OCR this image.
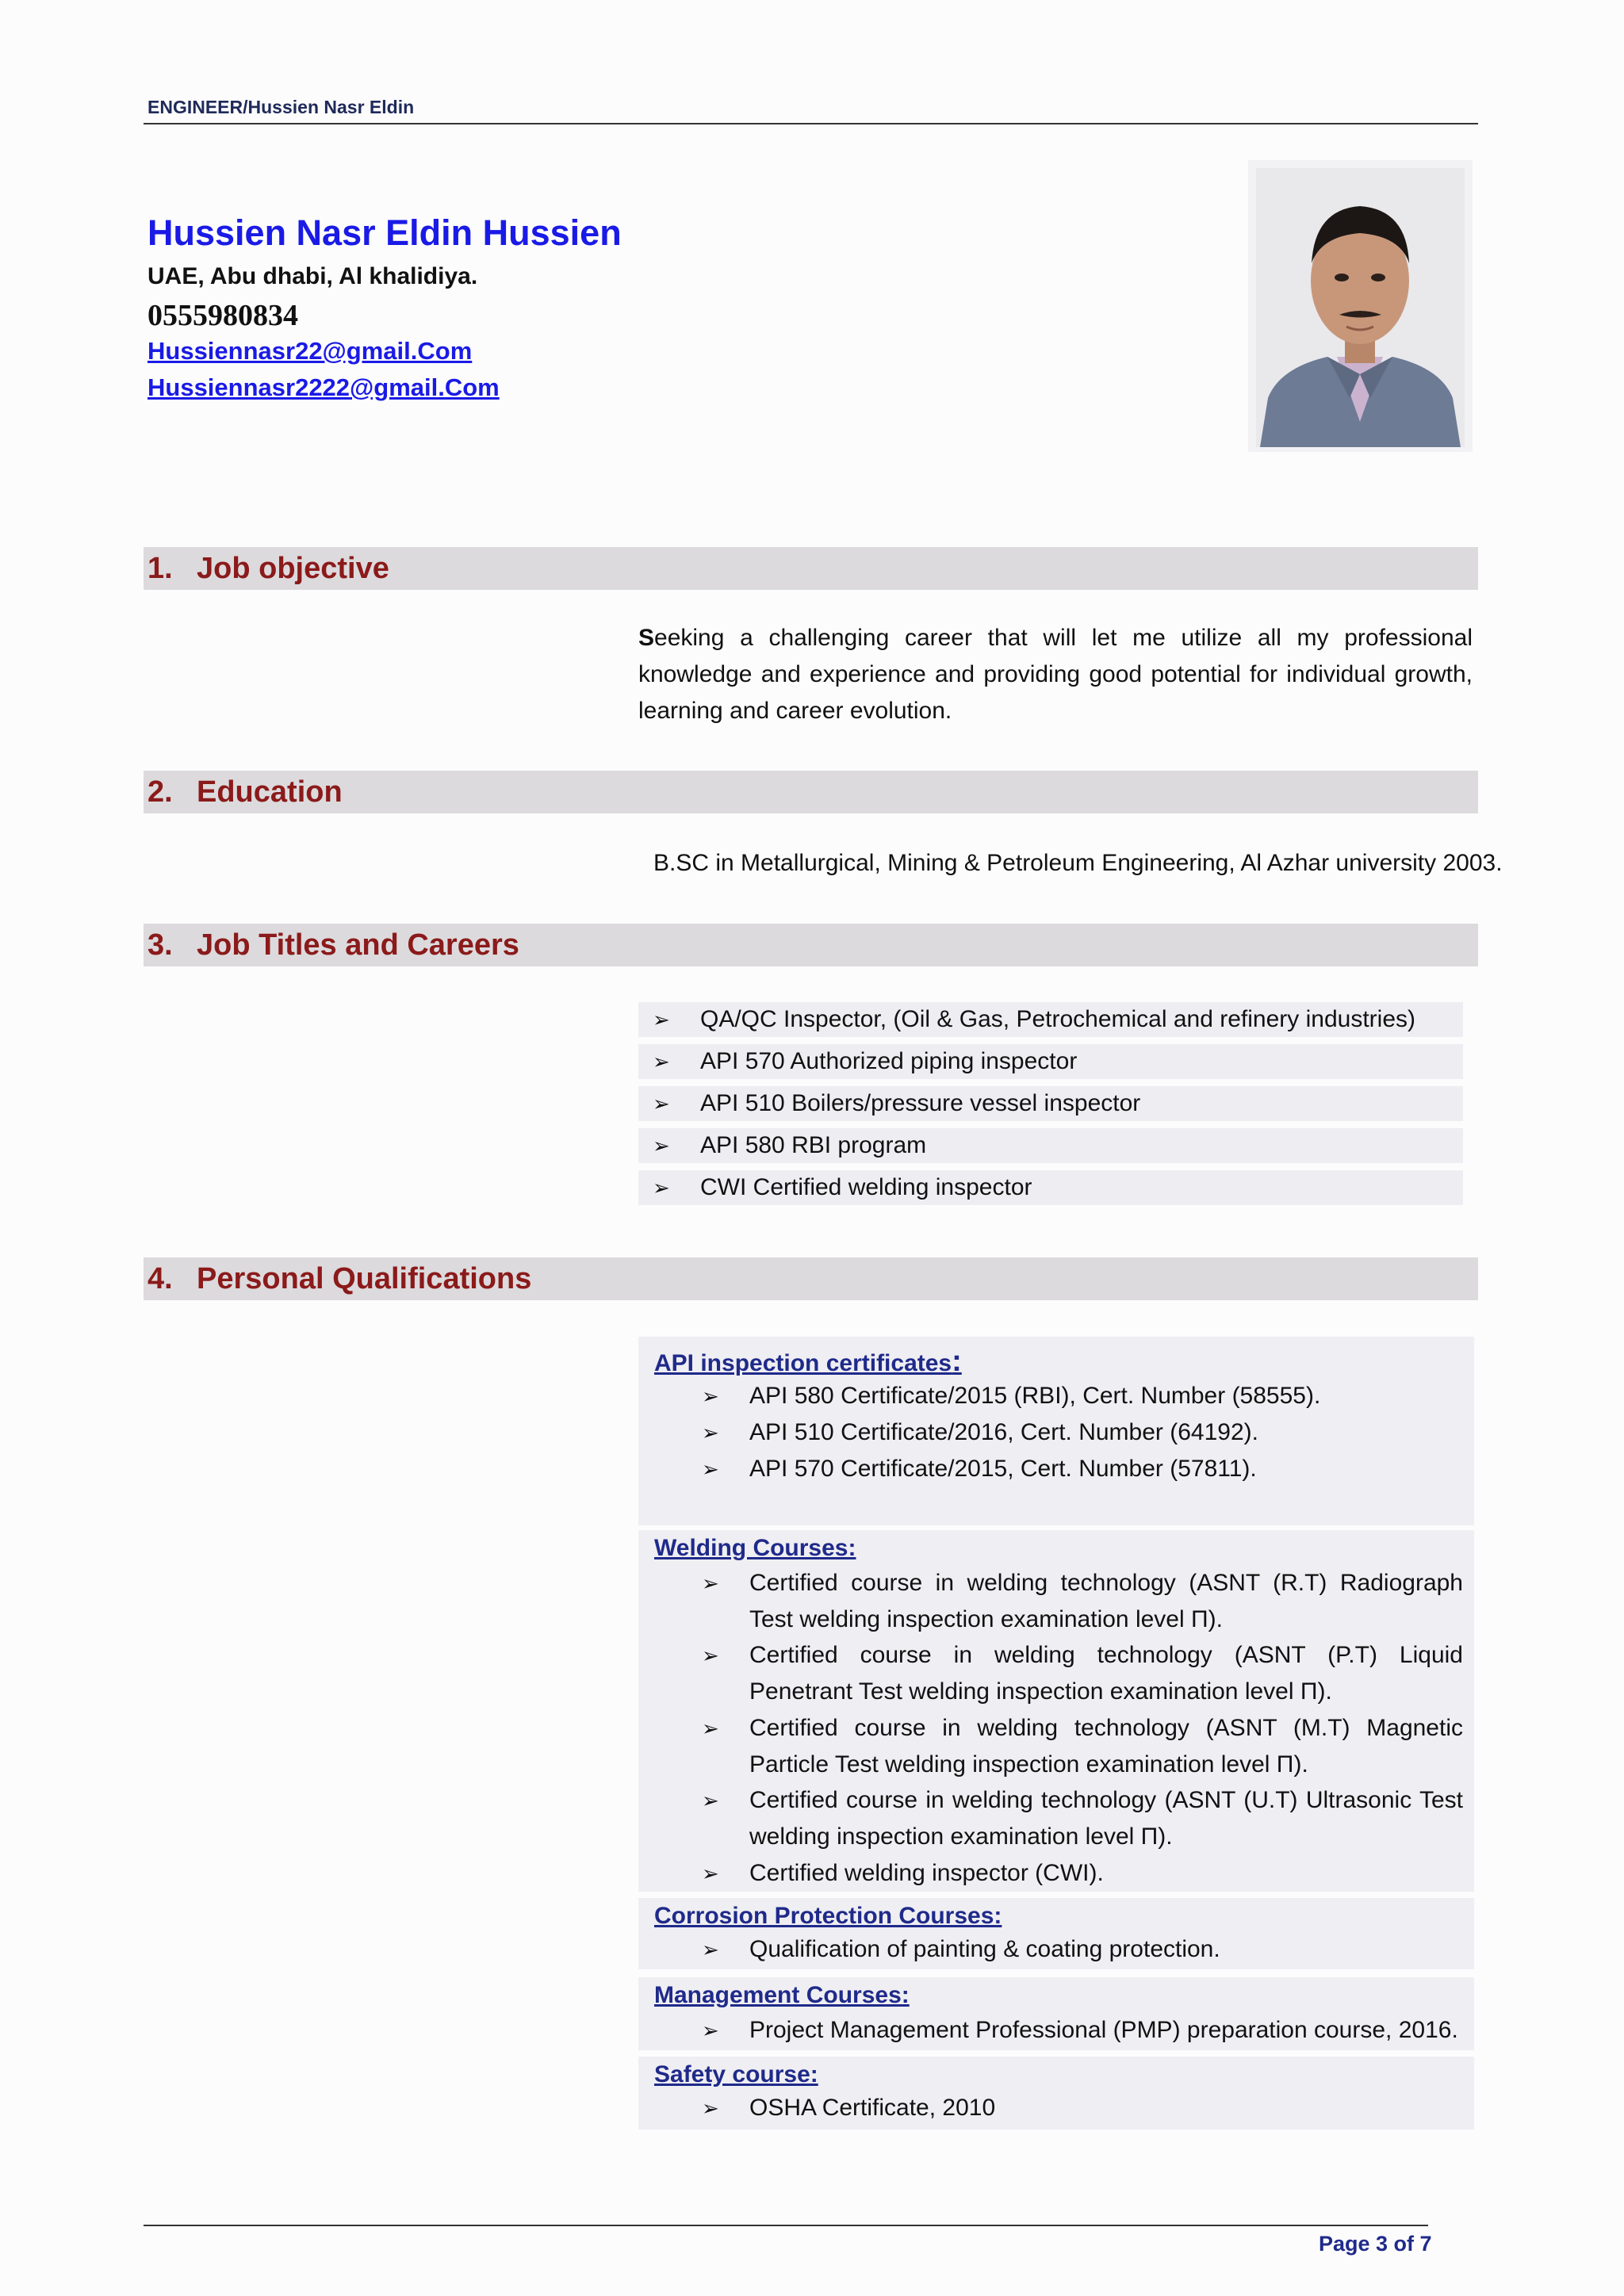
ENGINEER/Hussien Nasr Eldin
Hussien Nasr Eldin Hussien
UAE, Abu dhabi, Al khalidiya.
0555980834
Hussiennasr22@gmail.Com
Hussiennasr2222@gmail.Com
1. Job objective
Seeking a challenging career that will let me utilize all my professional knowledge and experience and providing good potential for individual growth, learning and career evolution.
2. Education
B.SC in Metallurgical, Mining & Petroleum Engineering, Al Azhar university 2003.
3. Job Titles and Careers
➢ QA/QC Inspector, (Oil & Gas, Petrochemical and refinery industries)
➢ API 570 Authorized piping inspector
➢ API 510 Boilers/pressure vessel inspector
➢ API 580 RBI program
➢ CWI Certified welding inspector
4. Personal Qualifications
API inspection certificates:
➢ API 580 Certificate/2015 (RBI), Cert. Number (58555).
➢ API 510 Certificate/2016, Cert. Number (64192).
➢ API 570 Certificate/2015, Cert. Number (57811).
Welding Courses:
➢ Certified course in welding technology (ASNT (R.T) Radiograph Test welding inspection examination level Π).
➢ Certified course in welding technology (ASNT (P.T) Liquid Penetrant Test welding inspection examination level Π).
➢ Certified course in welding technology (ASNT (M.T) Magnetic Particle Test welding inspection examination level Π).
➢ Certified course in welding technology (ASNT (U.T) Ultrasonic Test welding inspection examination level Π).
➢ Certified welding inspector (CWI).
Corrosion Protection Courses:
➢ Qualification of painting & coating protection.
Management Courses:
➢ Project Management Professional (PMP) preparation course, 2016.
Safety course:
➢ OSHA Certificate, 2010
Page 3 of 7
